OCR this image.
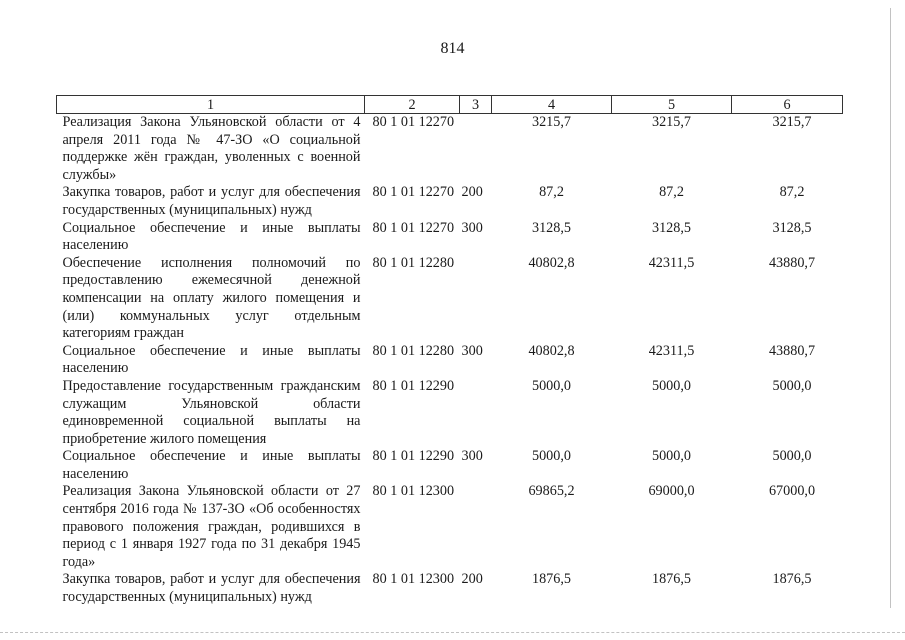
814
1	2	3	4	5	6
Реализация Закона Ульяновской области от 4 апреля 2011 года № 47-ЗО «О социальной поддержке жён граждан, уволенных с военной службы»	80 1 01 12270		3215,7	3215,7	3215,7
Закупка товаров, работ и услуг для обеспечения государственных (муниципальных) нужд	80 1 01 12270	200	87,2	87,2	87,2
Социальное обеспечение и иные выплаты населению	80 1 01 12270	300	3128,5	3128,5	3128,5
Обеспечение исполнения полномочий по предоставлению ежемесячной денежной компенсации на оплату жилого помещения и (или) коммунальных услуг отдельным категориям граждан	80 1 01 12280		40802,8	42311,5	43880,7
Социальное обеспечение и иные выплаты населению	80 1 01 12280	300	40802,8	42311,5	43880,7
Предоставление государственным гражданским служащим Ульяновской области единовременной социальной выплаты на приобретение жилого помещения	80 1 01 12290		5000,0	5000,0	5000,0
Социальное обеспечение и иные выплаты населению	80 1 01 12290	300	5000,0	5000,0	5000,0
Реализация Закона Ульяновской области от 27 сентября 2016 года № 137-ЗО «Об особенностях правового положения граждан, родившихся в период с 1 января 1927 года по 31 декабря 1945 года»	80 1 01 12300		69865,2	69000,0	67000,0
Закупка товаров, работ и услуг для обеспечения государственных (муниципальных) нужд	80 1 01 12300	200	1876,5	1876,5	1876,5
